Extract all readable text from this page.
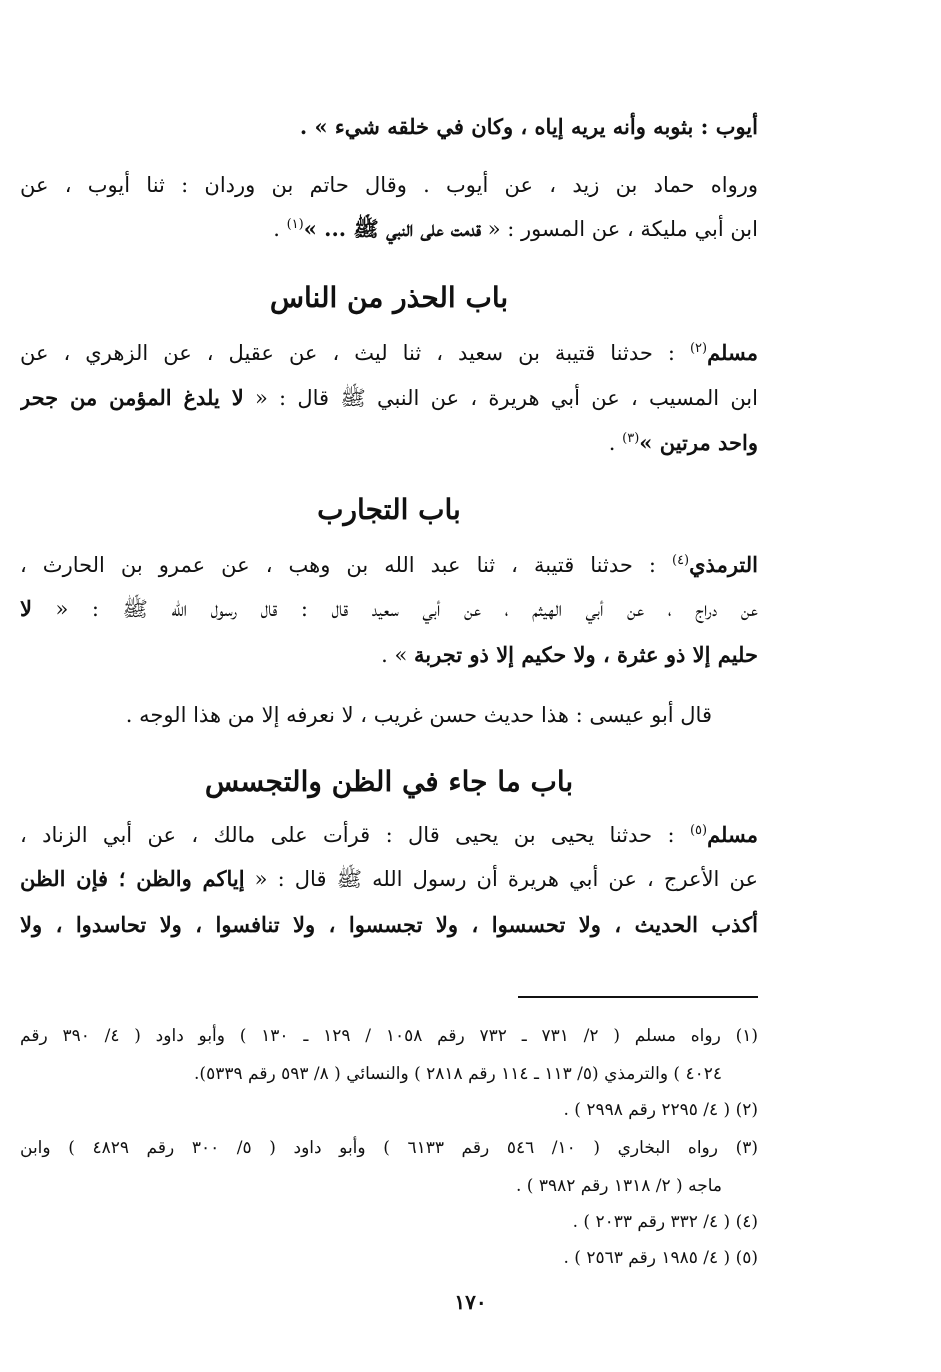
أيوب : بثوبه وأنه يريه إياه ، وكان في خلقه شيء » .
ورواه حماد بن زيد ، عن أيوب . وقال حاتم بن وردان : ثنا أيوب ، عن
ابن أبي مليكة ، عن المسور : « قدمت على النبي ﷺ ... »$^{(١)}$ .
باب الحذر من الناس
مسلم$^{(٢)}$ : حدثنا قتيبة بن سعيد ، ثنا ليث ، عن عقيل ، عن الزهري ، عن
ابن المسيب ، عن أبي هريرة ، عن النبي ﷺ قال : « لا يلدغ المؤمن من جحر
واحد مرتين »$^{(٣)}$ .
باب التجارب
الترمذي$^{(٤)}$ : حدثنا قتيبة ، ثنا عبد الله بن وهب ، عن عمرو بن الحارث ،
عن دراج ، عن أبي الهيثم ، عن أبي سعيد قال : قال رسول الله ﷺ : « لا
حليم إلا ذو عثرة ، ولا حكيم إلا ذو تجربة » .
قال أبو عيسى : هذا حديث حسن غريب ، لا نعرفه إلا من هذا الوجه .
باب ما جاء في الظن والتجسس
مسلم$^{(٥)}$ : حدثنا يحيى بن يحيى قال : قرأت على مالك ، عن أبي الزناد ،
عن الأعرج ، عن أبي هريرة أن رسول الله ﷺ قال : « إياكم والظن ؛ فإن الظن
أكذب الحديث ، ولا تحسسوا ، ولا تجسسوا ، ولا تنافسوا ، ولا تحاسدوا ، ولا
(١) رواه مسلم ( ٢/ ٧٣١ ـ ٧٣٢ رقم ١٠٥٨ / ١٢٩ ـ ١٣٠ ) وأبو داود ( ٤/ ٣٩٠ رقم
٤٠٢٤ ) والترمذي (٥/ ١١٣ ـ ١١٤ رقم ٢٨١٨ ) والنسائي ( ٨/ ٥٩٣ رقم ٥٣٣٩).
(٢) ( ٤/ ٢٢٩٥ رقم ٢٩٩٨ ) .
(٣) رواه البخاري ( ١٠/ ٥٤٦ رقم ٦١٣٣ ) وأبو داود ( ٥/ ٣٠٠ رقم ٤٨٢٩ ) وابن
ماجه ( ٢/ ١٣١٨ رقم ٣٩٨٢ ) .
(٤) ( ٤/ ٣٣٢ رقم ٢٠٣٣ ) .
(٥) ( ٤/ ١٩٨٥ رقم ٢٥٦٣ ) .
١٧٠
